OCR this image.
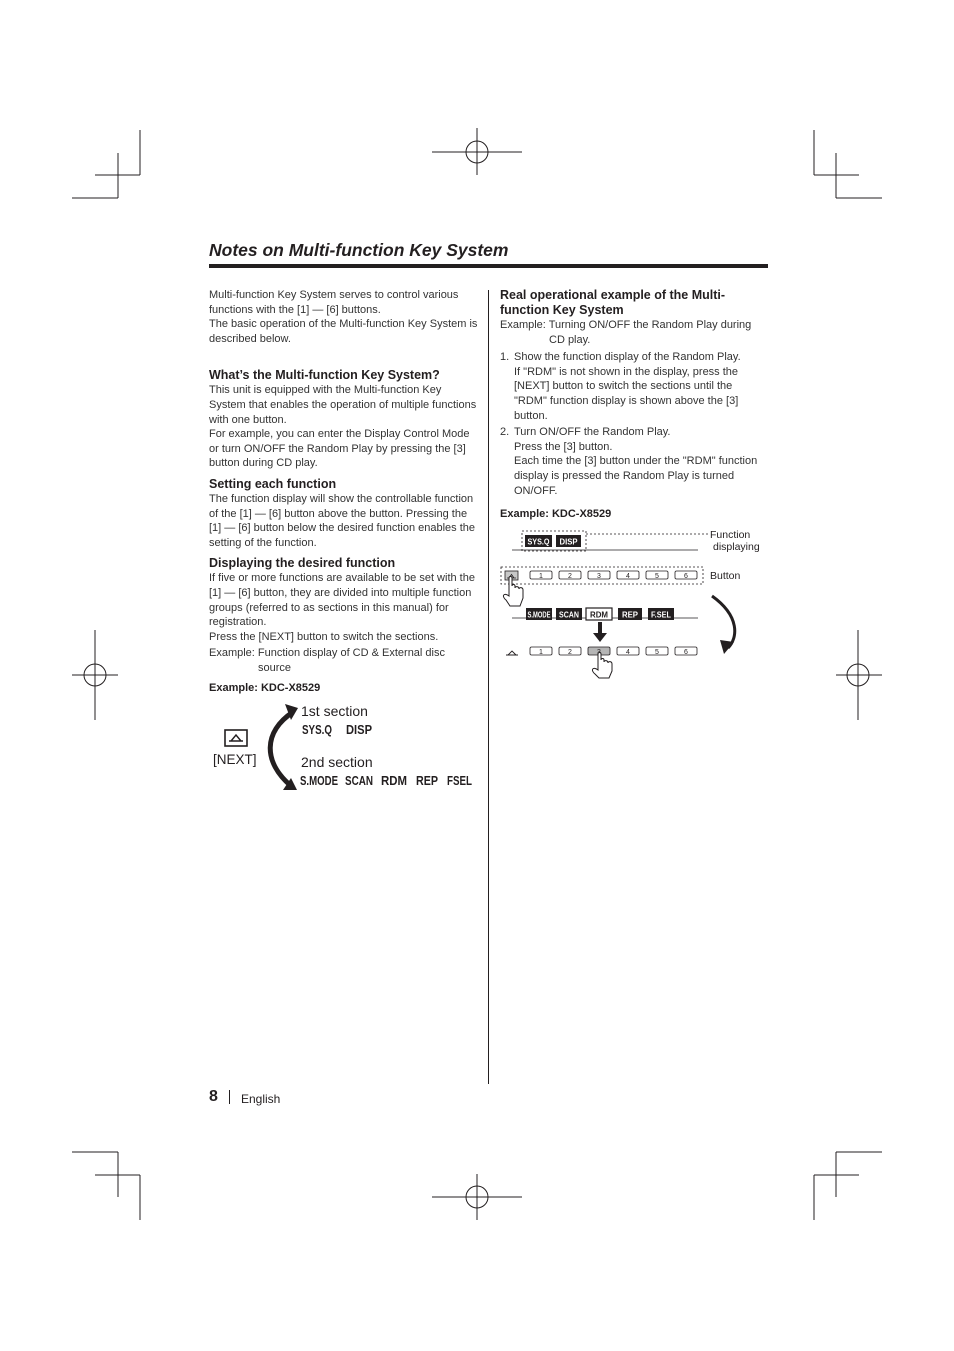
Notes on Multi-function Key System

Multi-function Key System serves to control various functions with the [1] — [6] buttons.

The basic operation of the Multi-function Key System is described below.

What’s the Multi-function Key System?

This unit is equipped with the Multi-function Key System that enables the operation of multiple functions with one button.

For example, you can enter the Display Control Mode or turn ON/OFF the Random Play by pressing the [3] button during CD play.

Setting each function

The function display will show the controllable function of the [1] — [6] button above the button. Pressing the [1] — [6] button below the desired function enables the setting of the function.

Displaying the desired function

If five or more functions are available to be set with the [1] — [6] button, they are divided into multiple function groups (referred to as sections in this manual) for registration.

Press the [NEXT] button to switch the sections.

Example: Function display of CD & External disc source

Example: KDC-X8529
[NEXT]
1st section
SYS.Q DISP
2nd section
S.MODE SCAN RDM REP FSEL

Real operational example of the Multi-

function Key System

Example: Turning ON/OFF the Random Play during CD play.

1. Show the function display of the Random Play.

If "RDM" is not shown in the display, press the [NEXT] button to switch the sections until the "RDM" function display is shown above the [3] button.

2. Turn ON/OFF the Random Play.

Press the [3] button.

Each time the [3] button under the "RDM" function display is pressed the Random Play is turned ON/OFF.

Example: KDC-X8529
SYS.Q DISP
Function
displaying
Button
1	2	3	4	5	6
S.MODE SCAN RDM REP F.SEL
1	2	4	5	6
8 English
